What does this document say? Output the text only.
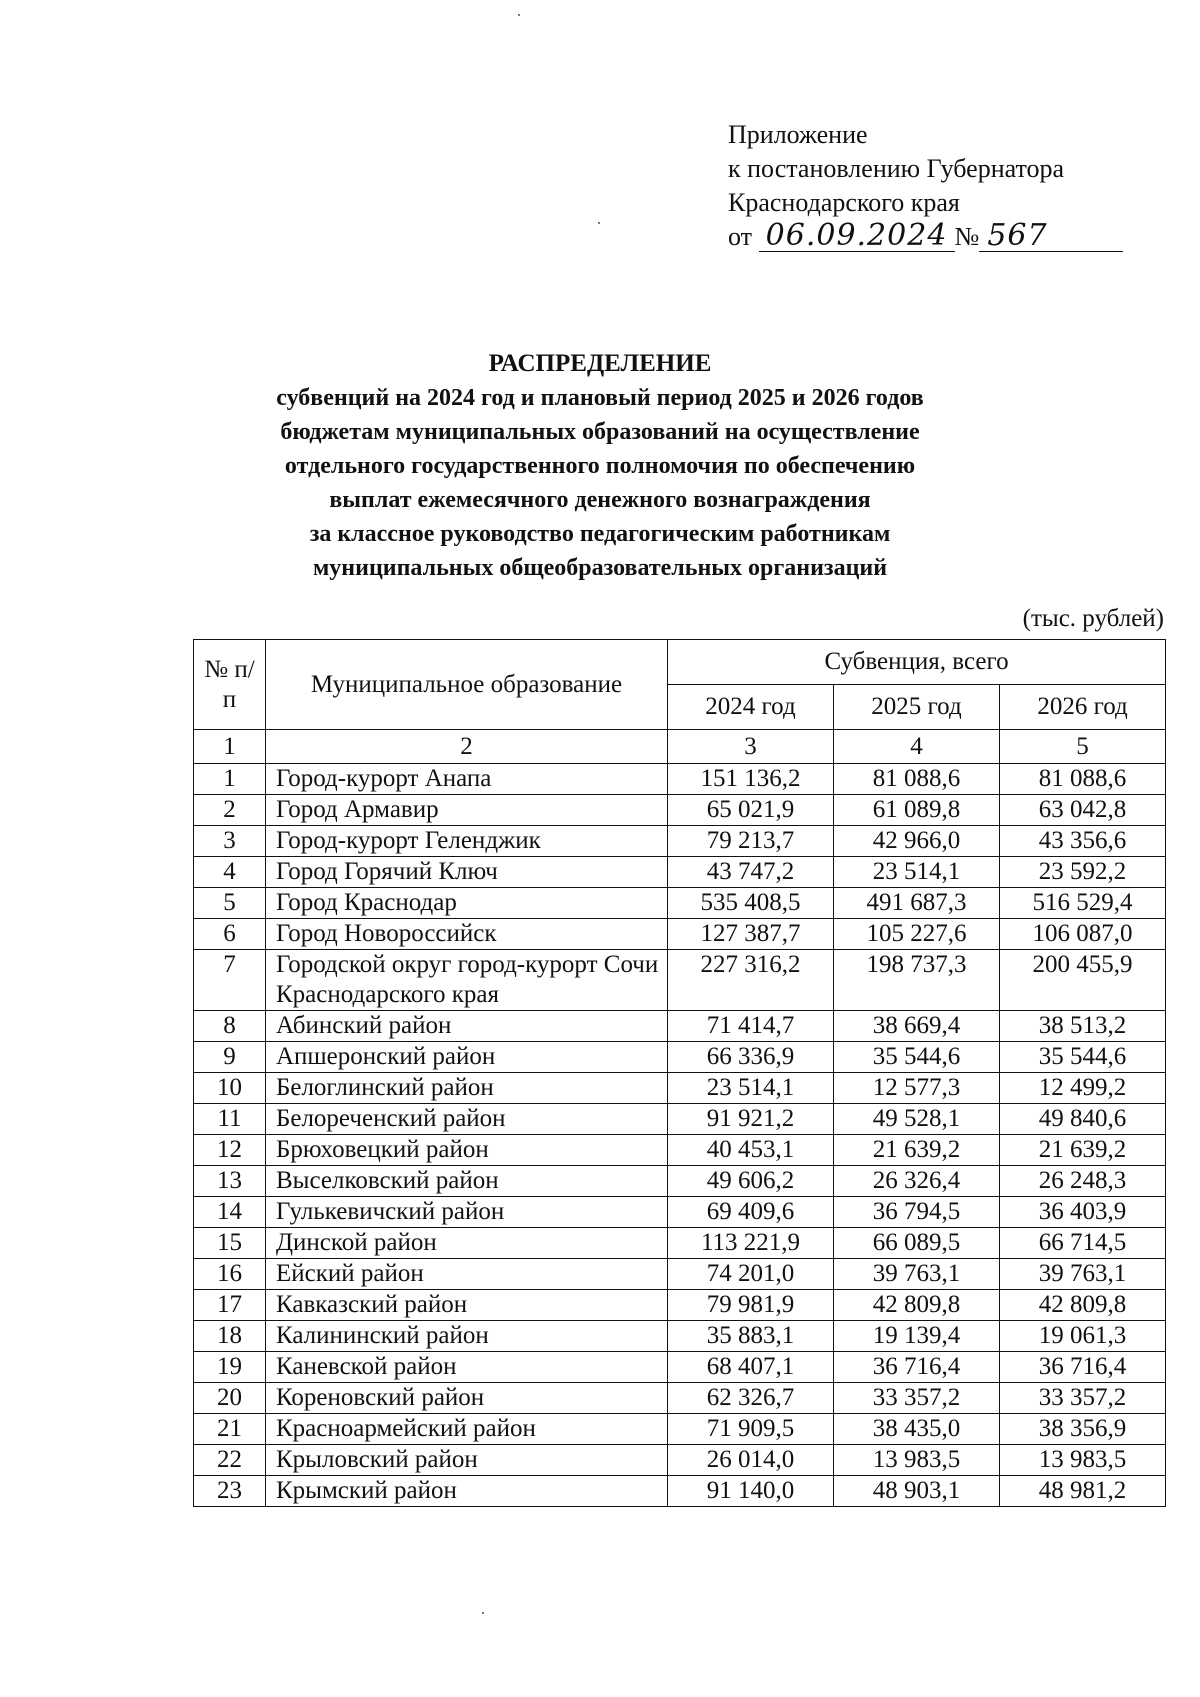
Приложение
к постановлению Губернатора
Краснодарского края
от 06.09.2024 № 567
РАСПРЕДЕЛЕНИЕ
субвенций на 2024 год и плановый период 2025 и 2026 годов
бюджетам муниципальных образований на осуществление
отдельного государственного полномочия по обеспечению
выплат ежемесячного денежного вознаграждения
за классное руководство педагогическим работникам
муниципальных общеобразовательных организаций
(тыс. рублей)
№ п/п	Муниципальное образование	Субвенция, всего		
		2024 год	2025 год	2026 год
1	2	3	4	5
1	Город-курорт Анапа	151 136,2	81 088,6	81 088,6
2	Город Армавир	65 021,9	61 089,8	63 042,8
3	Город-курорт Геленджик	79 213,7	42 966,0	43 356,6
4	Город Горячий Ключ	43 747,2	23 514,1	23 592,2
5	Город Краснодар	535 408,5	491 687,3	516 529,4
6	Город Новороссийск	127 387,7	105 227,6	106 087,0
7	Городской округ город-курорт Сочи Краснодарского края	227 316,2	198 737,3	200 455,9
8	Абинский район	71 414,7	38 669,4	38 513,2
9	Апшеронский район	66 336,9	35 544,6	35 544,6
10	Белоглинский район	23 514,1	12 577,3	12 499,2
11	Белореченский район	91 921,2	49 528,1	49 840,6
12	Брюховецкий район	40 453,1	21 639,2	21 639,2
13	Выселковский район	49 606,2	26 326,4	26 248,3
14	Гулькевичский район	69 409,6	36 794,5	36 403,9
15	Динской район	113 221,9	66 089,5	66 714,5
16	Ейский район	74 201,0	39 763,1	39 763,1
17	Кавказский район	79 981,9	42 809,8	42 809,8
18	Калининский район	35 883,1	19 139,4	19 061,3
19	Каневской район	68 407,1	36 716,4	36 716,4
20	Кореновский район	62 326,7	33 357,2	33 357,2
21	Красноармейский район	71 909,5	38 435,0	38 356,9
22	Крыловский район	26 014,0	13 983,5	13 983,5
23	Крымский район	91 140,0	48 903,1	48 981,2
